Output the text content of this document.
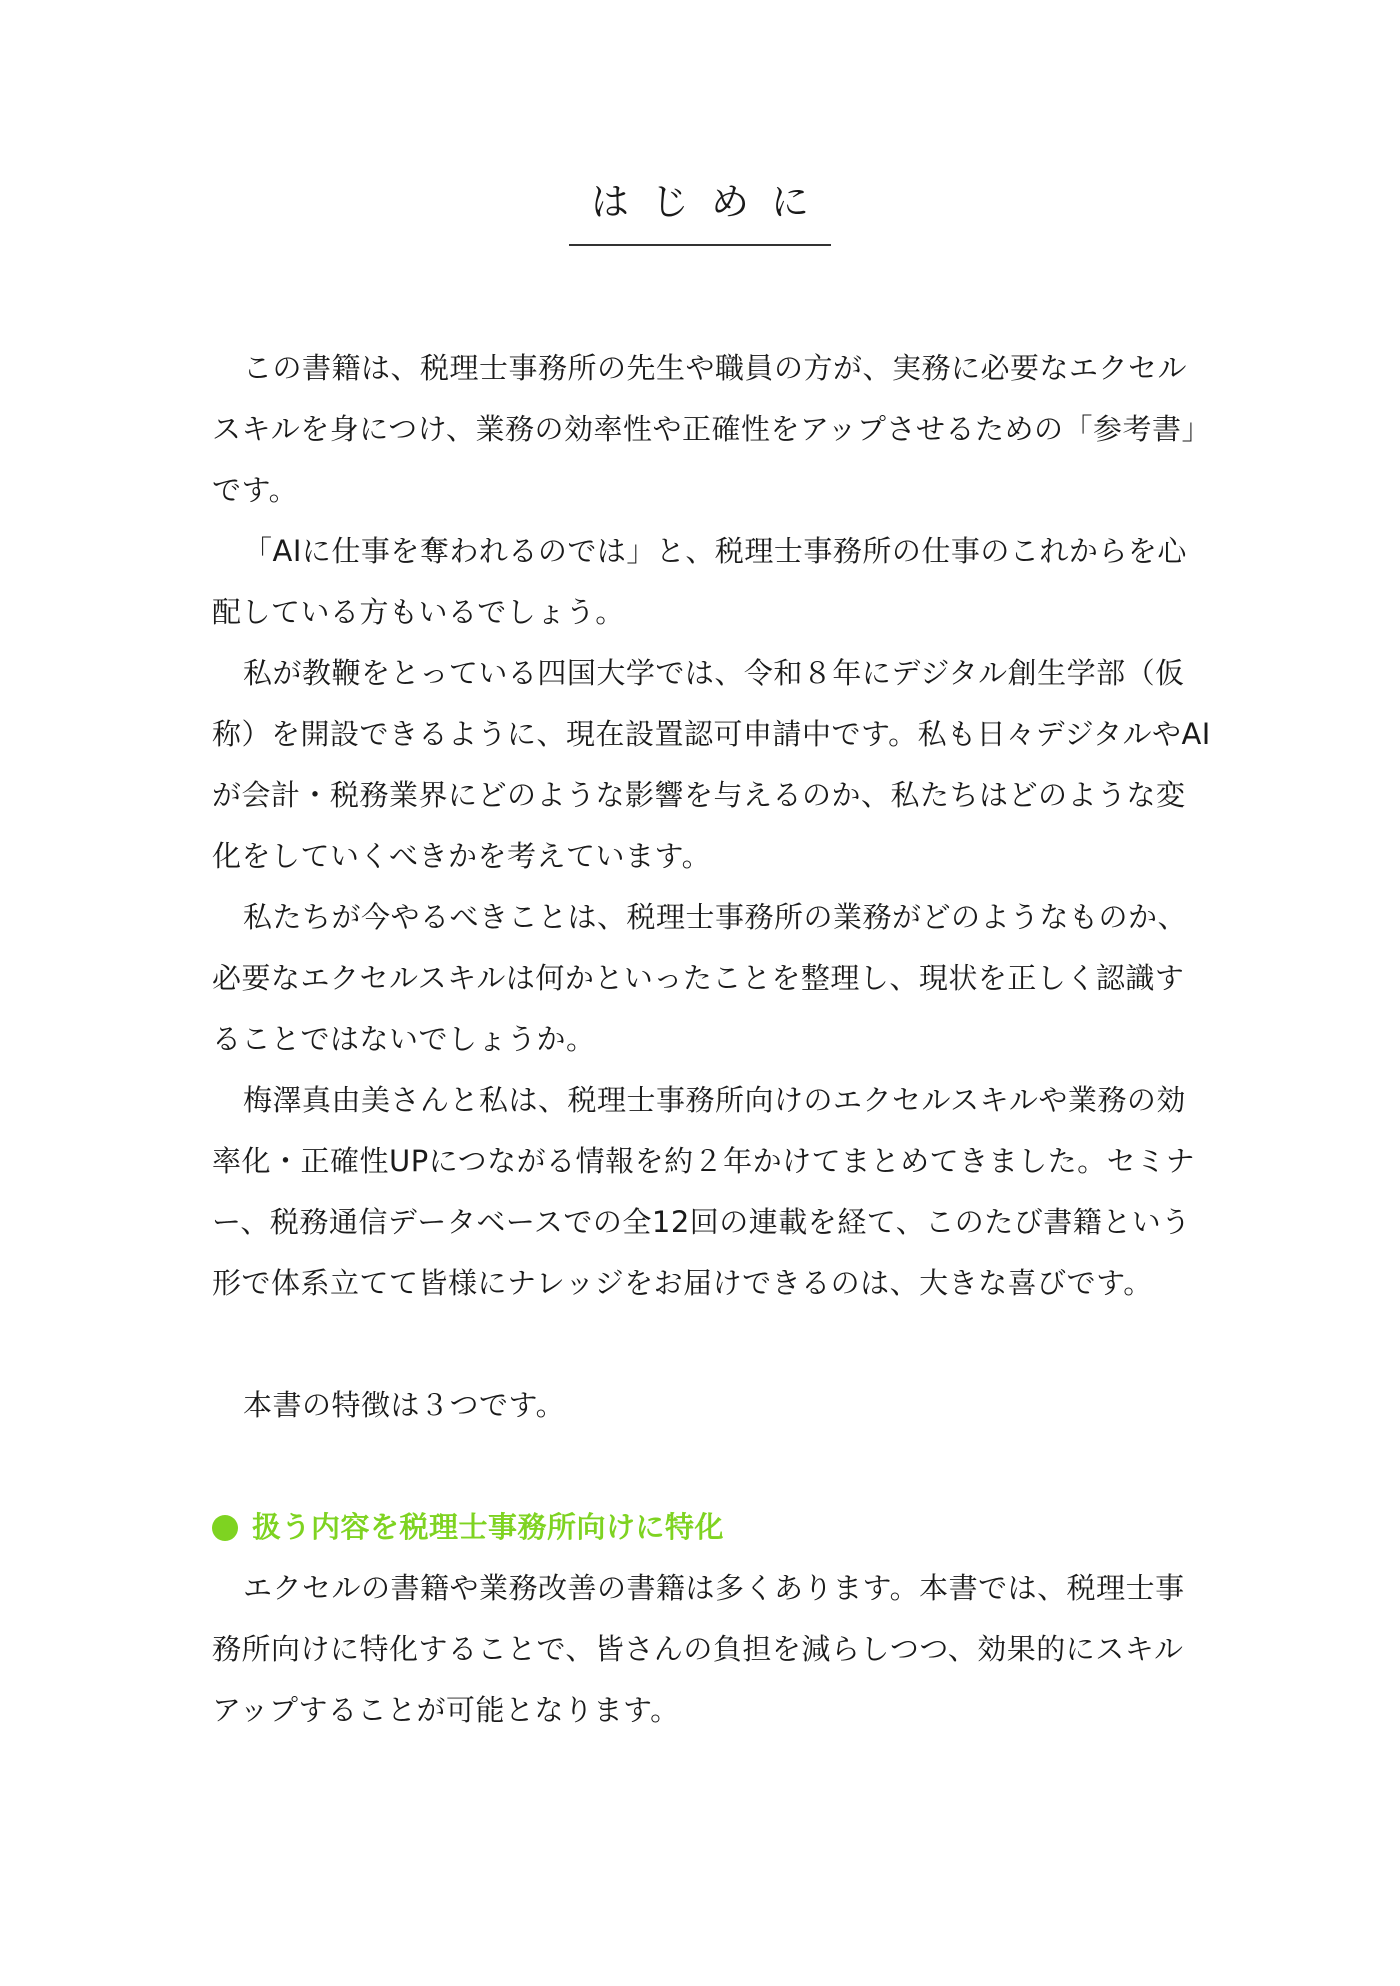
はじめに

この書籍は、税理士事務所の先生や職員の方が、実務に必要なエクセルスキルを身につけ、業務の効率性や正確性をアップさせるための「参考書」です。

「AIに仕事を奪われるのでは」と、税理士事務所の仕事のこれからを心配している方もいるでしょう。

私が教鞭をとっている四国大学では、令和８年にデジタル創生学部（仮称）を開設できるように、現在設置認可申請中です。私も日々デジタルやAIが会計・税務業界にどのような影響を与えるのか、私たちはどのような変化をしていくべきかを考えています。

私たちが今やるべきことは、税理士事務所の業務がどのようなものか、必要なエクセルスキルは何かといったことを整理し、現状を正しく認識することではないでしょうか。

梅澤真由美さんと私は、税理士事務所向けのエクセルスキルや業務の効率化・正確性UPにつながる情報を約２年かけてまとめてきました。セミナー、税務通信データベースでの全12回の連載を経て、このたび書籍という形で体系立てて皆様にナレッジをお届けできるのは、大きな喜びです。

本書の特徴は３つです。

扱う内容を税理士事務所向けに特化

エクセルの書籍や業務改善の書籍は多くあります。本書では、税理士事務所向けに特化することで、皆さんの負担を減らしつつ、効果的にスキルアップすることが可能となります。
